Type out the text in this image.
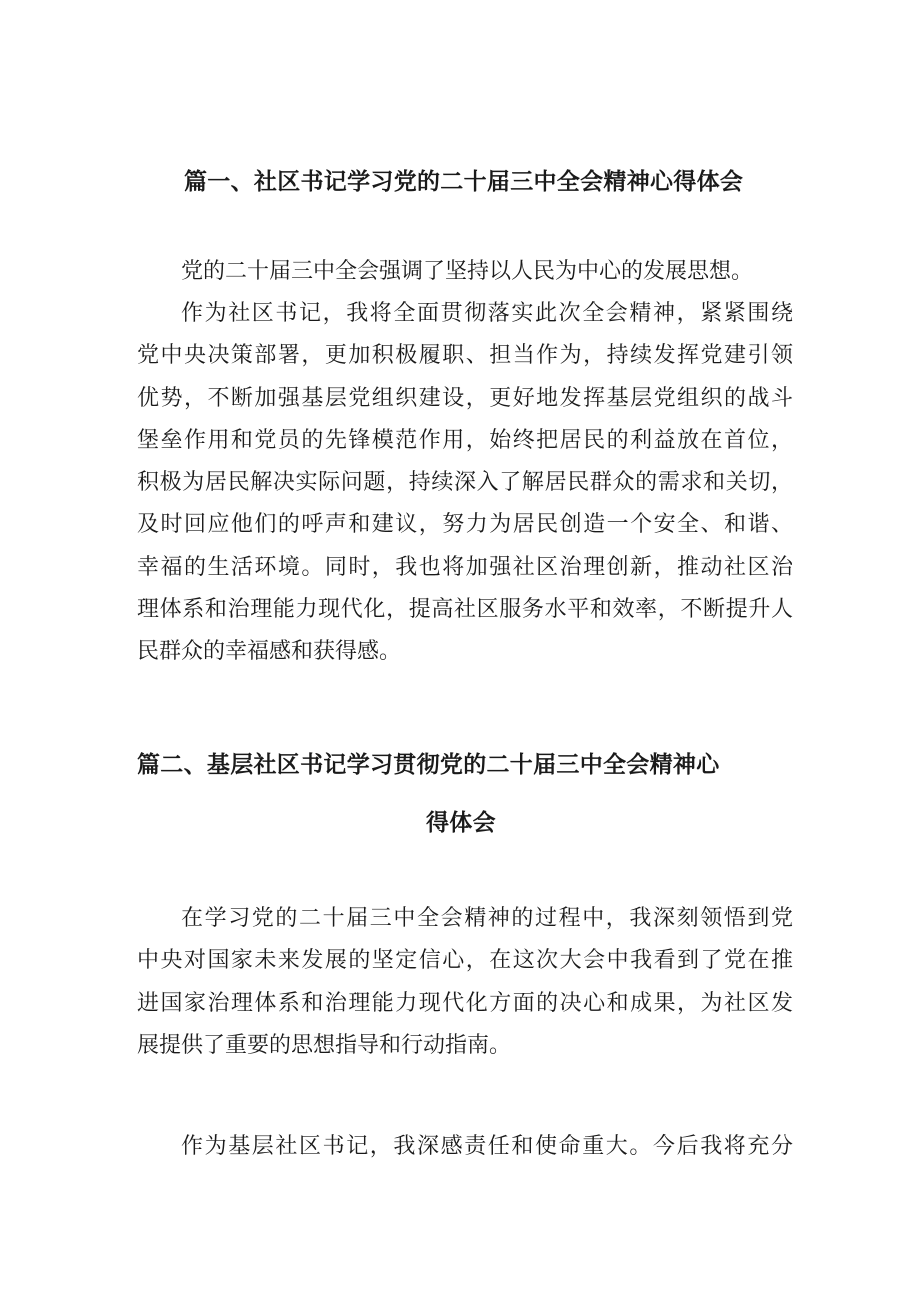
篇一、社区书记学习党的二十届三中全会精神心得体会
党的二十届三中全会强调了坚持以人民为中心的发展思想。
作为社区书记，我将全面贯彻落实此次全会精神，紧紧围绕
党中央决策部署，更加积极履职、担当作为，持续发挥党建引领
优势，不断加强基层党组织建设，更好地发挥基层党组织的战斗
堡垒作用和党员的先锋模范作用，始终把居民的利益放在首位，
积极为居民解决实际问题，持续深入了解居民群众的需求和关切，
及时回应他们的呼声和建议，努力为居民创造一个安全、和谐、
幸福的生活环境。同时，我也将加强社区治理创新，推动社区治
理体系和治理能力现代化，提高社区服务水平和效率，不断提升人
民群众的幸福感和获得感。
篇二、基层社区书记学习贯彻党的二十届三中全会精神心
得体会
在学习党的二十届三中全会精神的过程中，我深刻领悟到党
中央对国家未来发展的坚定信心，在这次大会中我看到了党在推
进国家治理体系和治理能力现代化方面的决心和成果，为社区发
展提供了重要的思想指导和行动指南。
作为基层社区书记，我深感责任和使命重大。今后我将充分
